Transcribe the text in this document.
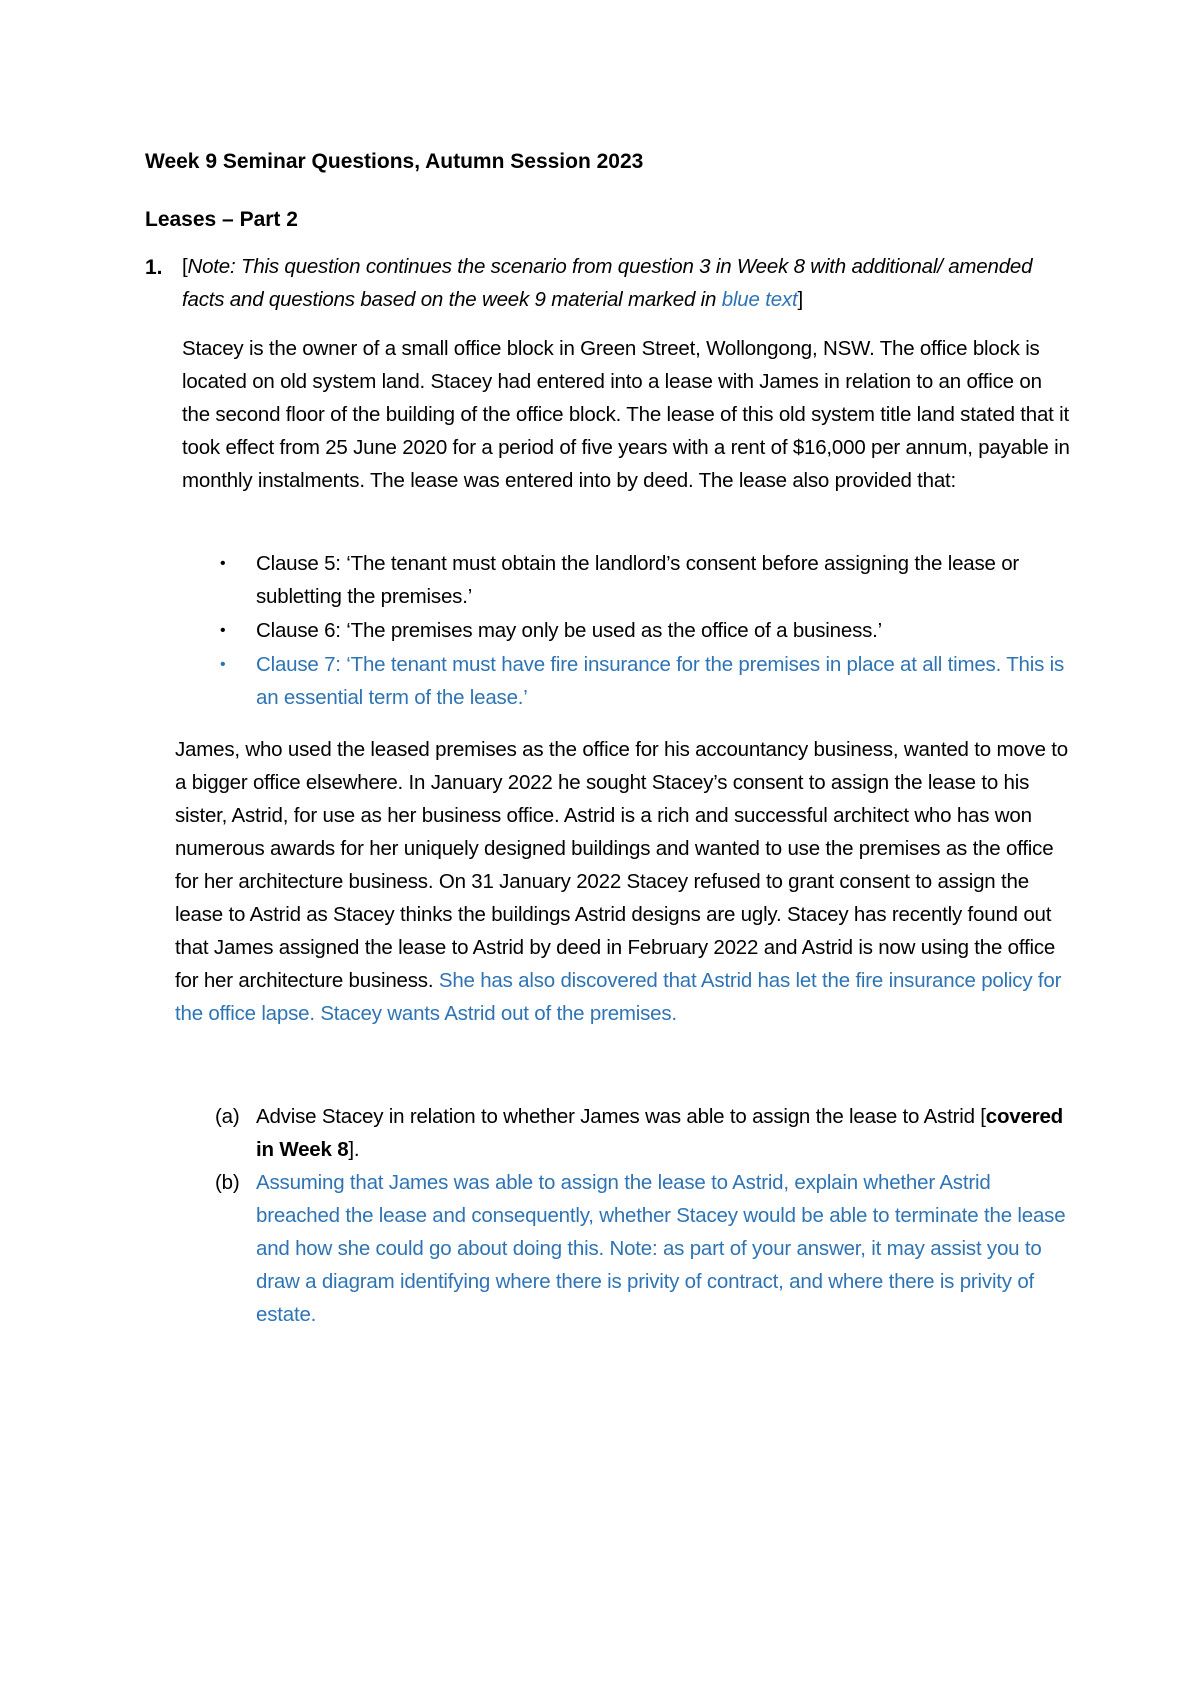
Week 9 Seminar Questions, Autumn Session 2023
Leases – Part 2
1. [Note: This question continues the scenario from question 3 in Week 8 with additional/ amended facts and questions based on the week 9 material marked in blue text]
Stacey is the owner of a small office block in Green Street, Wollongong, NSW. The office block is located on old system land. Stacey had entered into a lease with James in relation to an office on the second floor of the building of the office block. The lease of this old system title land stated that it took effect from 25 June 2020 for a period of five years with a rent of $16,000 per annum, payable in monthly instalments. The lease was entered into by deed. The lease also provided that:
• Clause 5: ‘The tenant must obtain the landlord’s consent before assigning the lease or subletting the premises.’
• Clause 6: ‘The premises may only be used as the office of a business.’
• Clause 7: ‘The tenant must have fire insurance for the premises in place at all times. This is an essential term of the lease.’
James, who used the leased premises as the office for his accountancy business, wanted to move to a bigger office elsewhere. In January 2022 he sought Stacey’s consent to assign the lease to his sister, Astrid, for use as her business office. Astrid is a rich and successful architect who has won numerous awards for her uniquely designed buildings and wanted to use the premises as the office for her architecture business. On 31 January 2022 Stacey refused to grant consent to assign the lease to Astrid as Stacey thinks the buildings Astrid designs are ugly. Stacey has recently found out that James assigned the lease to Astrid by deed in February 2022 and Astrid is now using the office for her architecture business. She has also discovered that Astrid has let the fire insurance policy for the office lapse. Stacey wants Astrid out of the premises.
(a) Advise Stacey in relation to whether James was able to assign the lease to Astrid [covered in Week 8].
(b) Assuming that James was able to assign the lease to Astrid, explain whether Astrid breached the lease and consequently, whether Stacey would be able to terminate the lease and how she could go about doing this. Note: as part of your answer, it may assist you to draw a diagram identifying where there is privity of contract, and where there is privity of estate.
